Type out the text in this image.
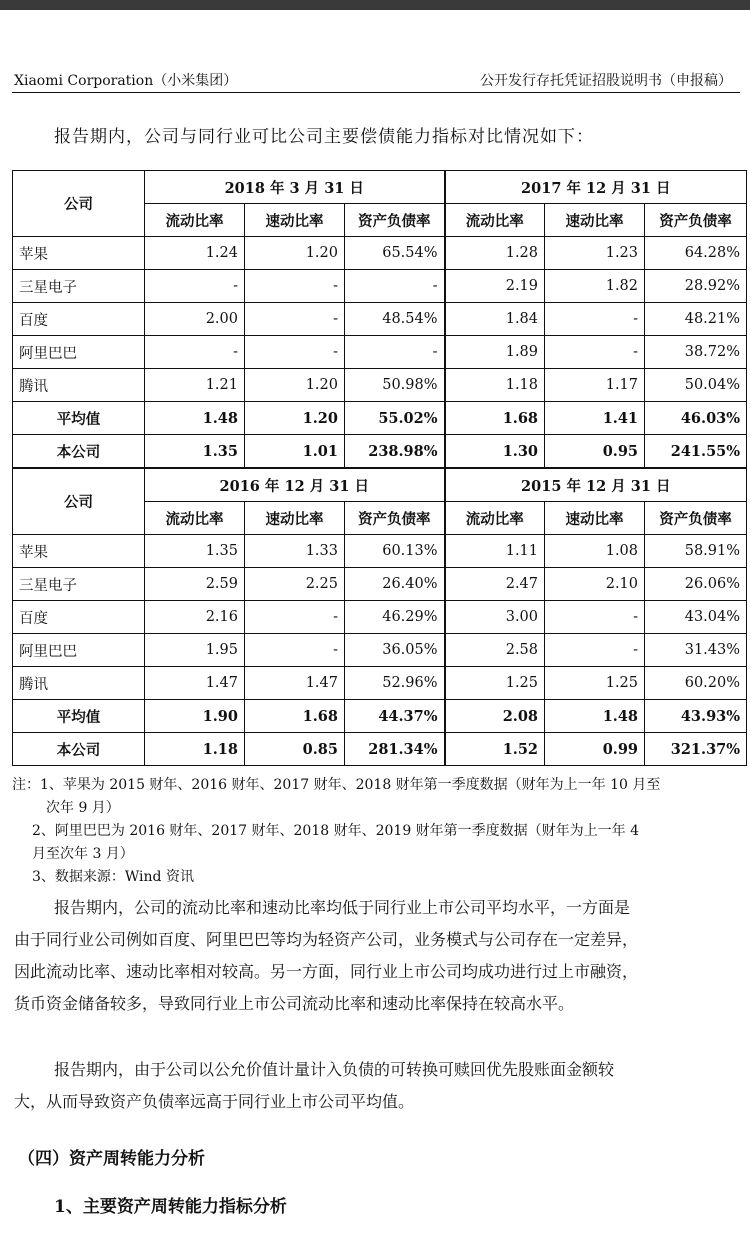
Xiaomi Corporation（小米集团）	公开发行存托凭证招股说明书（申报稿）
报告期内，公司与同行业可比公司主要偿债能力指标对比情况如下：
公司	2018 年 3 月 31 日			2017 年 12 月 31 日		
	流动比率	速动比率	资产负债率	流动比率	速动比率	资产负债率
苹果	1.24	1.20	65.54%	1.28	1.23	64.28%
三星电子	-	-	-	2.19	1.82	28.92%
百度	2.00	-	48.54%	1.84	-	48.21%
阿里巴巴	-	-	-	1.89	-	38.72%
腾讯	1.21	1.20	50.98%	1.18	1.17	50.04%
平均值	1.48	1.20	55.02%	1.68	1.41	46.03%
本公司	1.35	1.01	238.98%	1.30	0.95	241.55%
公司	2016 年 12 月 31 日			2015 年 12 月 31 日		
	流动比率	速动比率	资产负债率	流动比率	速动比率	资产负债率
苹果	1.35	1.33	60.13%	1.11	1.08	58.91%
三星电子	2.59	2.25	26.40%	2.47	2.10	26.06%
百度	2.16	-	46.29%	3.00	-	43.04%
阿里巴巴	1.95	-	36.05%	2.58	-	31.43%
腾讯	1.47	1.47	52.96%	1.25	1.25	60.20%
平均值	1.90	1.68	44.37%	2.08	1.48	43.93%
本公司	1.18	0.85	281.34%	1.52	0.99	321.37%
注：1、苹果为 2015 财年、2016 财年、2017 财年、2018 财年第一季度数据（财年为上一年 10 月至
次年 9 月）
2、阿里巴巴为 2016 财年、2017 财年、2018 财年、2019 财年第一季度数据（财年为上一年 4
月至次年 3 月）
3、数据来源：Wind 资讯
报告期内，公司的流动比率和速动比率均低于同行业上市公司平均水平，一方面是
由于同行业公司例如百度、阿里巴巴等均为轻资产公司，业务模式与公司存在一定差异，
因此流动比率、速动比率相对较高。另一方面，同行业上市公司均成功进行过上市融资，
货币资金储备较多，导致同行业上市公司流动比率和速动比率保持在较高水平。
报告期内，由于公司以公允价值计量计入负债的可转换可赎回优先股账面金额较
大，从而导致资产负债率远高于同行业上市公司平均值。
（四）资产周转能力分析
1、主要资产周转能力指标分析
